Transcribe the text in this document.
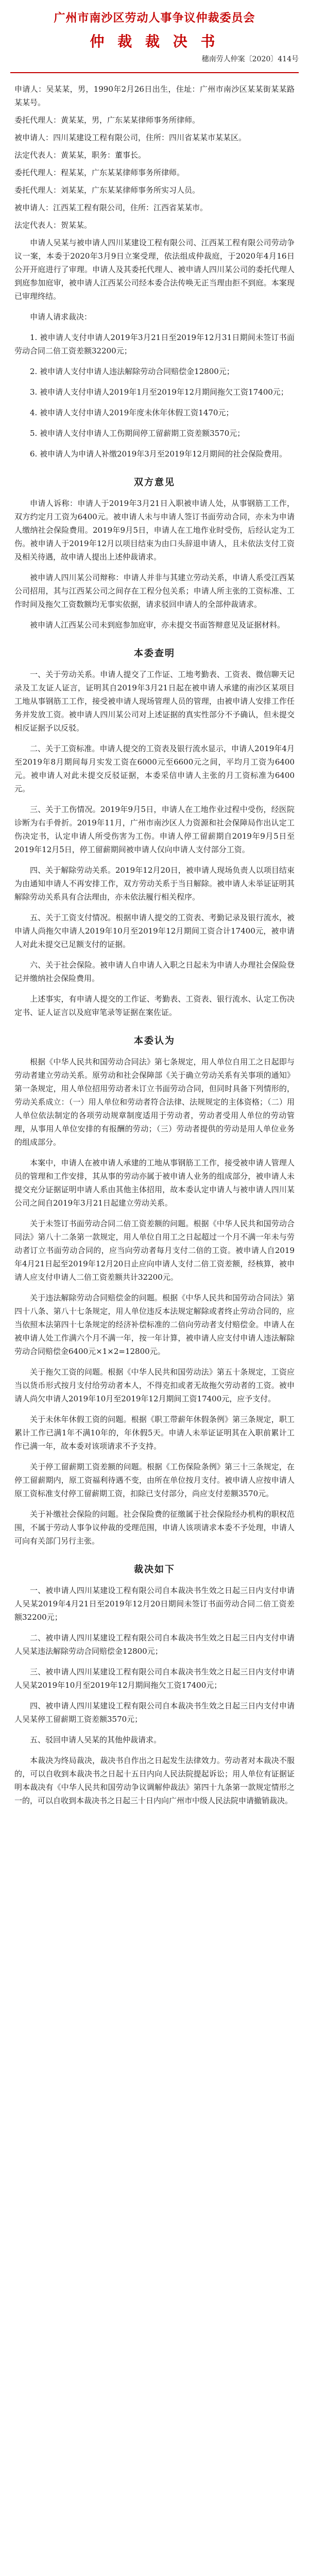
广州市南沙区劳动人事争议仲裁委员会
仲 裁 裁 决 书
穗南劳人仲案〔2020〕414号

申请人：吴某某，男，1990年2月26日出生，住址：广州市南沙区某某街某某路某某号。

委托代理人：黄某某，男，广东某某律师事务所律师。

被申请人：四川某建设工程有限公司，住所：四川省某某市某某区。

法定代表人：黄某某，职务：董事长。

委托代理人：程某某，广东某某律师事务所律师。

委托代理人：刘某某，广东某某律师事务所实习人员。

被申请人：江西某工程有限公司，住所：江西省某某市。

法定代表人：贺某某。

申请人吴某与被申请人四川某建设工程有限公司、江西某工程有限公司劳动争议一案，本委于2020年3月9日立案受理，依法组成仲裁庭，于2020年4月16日公开开庭进行了审理。申请人及其委托代理人、被申请人四川某公司的委托代理人到庭参加庭审，被申请人江西某公司经本委合法传唤无正当理由拒不到庭。本案现已审理终结。

申请人请求裁决：

1. 被申请人支付申请人2019年3月21日至2019年12月31日期间未签订书面劳动合同二倍工资差额32200元；

2. 被申请人支付申请人违法解除劳动合同赔偿金12800元；

3. 被申请人支付申请人2019年1月至2019年12月期间拖欠工资17400元；

4. 被申请人支付申请人2019年度未休年休假工资1470元；

5. 被申请人支付申请人工伤期间停工留薪期工资差额3570元；

6. 被申请人为申请人补缴2019年3月至2019年12月期间的社会保险费用。

双方意见

申请人诉称：申请人于2019年3月21日入职被申请人处，从事钢筋工工作，双方约定月工资为6400元。被申请人未与申请人签订书面劳动合同，亦未为申请人缴纳社会保险费用。2019年9月5日，申请人在工地作业时受伤，后经认定为工伤。被申请人于2019年12月以项目结束为由口头辞退申请人，且未依法支付工资及相关待遇，故申请人提出上述仲裁请求。

被申请人四川某公司辩称：申请人并非与其建立劳动关系，申请人系受江西某公司招用，其与江西某公司之间存在工程分包关系；申请人所主张的工资标准、工作时间及拖欠工资数额均无事实依据，请求驳回申请人的全部仲裁请求。

被申请人江西某公司未到庭参加庭审，亦未提交书面答辩意见及证据材料。

本委查明

一、关于劳动关系。申请人提交了工作证、工地考勤表、工资表、微信聊天记录及工友证人证言，证明其自2019年3月21日起在被申请人承建的南沙区某项目工地从事钢筋工工作，接受被申请人现场管理人员的管理，由被申请人安排工作任务并发放工资。被申请人四川某公司对上述证据的真实性部分不予确认，但未提交相反证据予以反驳。

二、关于工资标准。申请人提交的工资表及银行流水显示，申请人2019年4月至2019年8月期间每月实发工资在6000元至6600元之间，平均月工资为6400元。被申请人对此未提交反驳证据，本委采信申请人主张的月工资标准为6400元。

三、关于工伤情况。2019年9月5日，申请人在工地作业过程中受伤，经医院诊断为右手骨折。2019年11月，广州市南沙区人力资源和社会保障局作出认定工伤决定书，认定申请人所受伤害为工伤。申请人停工留薪期自2019年9月5日至2019年12月5日，停工留薪期间被申请人仅向申请人支付部分工资。

四、关于解除劳动关系。2019年12月20日，被申请人现场负责人以项目结束为由通知申请人不再安排工作，双方劳动关系于当日解除。被申请人未举证证明其解除劳动关系具有合法理由，亦未依法履行相关程序。

五、关于工资支付情况。根据申请人提交的工资表、考勤记录及银行流水，被申请人尚拖欠申请人2019年10月至2019年12月期间工资合计17400元，被申请人对此未提交已足额支付的证据。

六、关于社会保险。被申请人自申请人入职之日起未为申请人办理社会保险登记并缴纳社会保险费用。

上述事实，有申请人提交的工作证、考勤表、工资表、银行流水、认定工伤决定书、证人证言以及庭审笔录等证据在案佐证。

本委认为

根据《中华人民共和国劳动合同法》第七条规定，用人单位自用工之日起即与劳动者建立劳动关系。原劳动和社会保障部《关于确立劳动关系有关事项的通知》第一条规定，用人单位招用劳动者未订立书面劳动合同，但同时具备下列情形的，劳动关系成立：（一）用人单位和劳动者符合法律、法规规定的主体资格；（二）用人单位依法制定的各项劳动规章制度适用于劳动者，劳动者受用人单位的劳动管理，从事用人单位安排的有报酬的劳动；（三）劳动者提供的劳动是用人单位业务的组成部分。

本案中，申请人在被申请人承建的工地从事钢筋工工作，接受被申请人管理人员的管理和工作安排，其从事的劳动亦属于被申请人业务的组成部分，被申请人未提交充分证据证明申请人系由其他主体招用，故本委认定申请人与被申请人四川某公司之间自2019年3月21日起建立劳动关系。

关于未签订书面劳动合同二倍工资差额的问题。根据《中华人民共和国劳动合同法》第八十二条第一款规定，用人单位自用工之日起超过一个月不满一年未与劳动者订立书面劳动合同的，应当向劳动者每月支付二倍的工资。被申请人自2019年4月21日起至2019年12月20日止应向申请人支付二倍工资差额，经核算，被申请人应支付申请人二倍工资差额共计32200元。

关于违法解除劳动合同赔偿金的问题。根据《中华人民共和国劳动合同法》第四十八条、第八十七条规定，用人单位违反本法规定解除或者终止劳动合同的，应当依照本法第四十七条规定的经济补偿标准的二倍向劳动者支付赔偿金。申请人在被申请人处工作满六个月不满一年，按一年计算，被申请人应支付申请人违法解除劳动合同赔偿金6400元×1×2=12800元。

关于拖欠工资的问题。根据《中华人民共和国劳动法》第五十条规定，工资应当以货币形式按月支付给劳动者本人，不得克扣或者无故拖欠劳动者的工资。被申请人尚欠申请人2019年10月至2019年12月期间工资17400元，应予支付。

关于未休年休假工资的问题。根据《职工带薪年休假条例》第三条规定，职工累计工作已满1年不满10年的，年休假5天。申请人未举证证明其在入职前累计工作已满一年，故本委对该项请求不予支持。

关于停工留薪期工资差额的问题。根据《工伤保险条例》第三十三条规定，在停工留薪期内，原工资福利待遇不变，由所在单位按月支付。被申请人应按申请人原工资标准支付停工留薪期工资，扣除已支付部分，尚应支付差额3570元。

关于补缴社会保险的问题。社会保险费的征缴属于社会保险经办机构的职权范围，不属于劳动人事争议仲裁的受理范围，申请人该项请求本委不予处理，申请人可向有关部门另行主张。

裁决如下

一、被申请人四川某建设工程有限公司自本裁决书生效之日起三日内支付申请人吴某2019年4月21日至2019年12月20日期间未签订书面劳动合同二倍工资差额32200元；

二、被申请人四川某建设工程有限公司自本裁决书生效之日起三日内支付申请人吴某违法解除劳动合同赔偿金12800元；

三、被申请人四川某建设工程有限公司自本裁决书生效之日起三日内支付申请人吴某2019年10月至2019年12月期间拖欠工资17400元；

四、被申请人四川某建设工程有限公司自本裁决书生效之日起三日内支付申请人吴某停工留薪期工资差额3570元；

五、驳回申请人吴某的其他仲裁请求。

本裁决为终局裁决，裁决书自作出之日起发生法律效力。劳动者对本裁决不服的，可以自收到本裁决书之日起十五日内向人民法院提起诉讼；用人单位有证据证明本裁决有《中华人民共和国劳动争议调解仲裁法》第四十九条第一款规定情形之一的，可以自收到本裁决书之日起三十日内向广州市中级人民法院申请撤销裁决。
